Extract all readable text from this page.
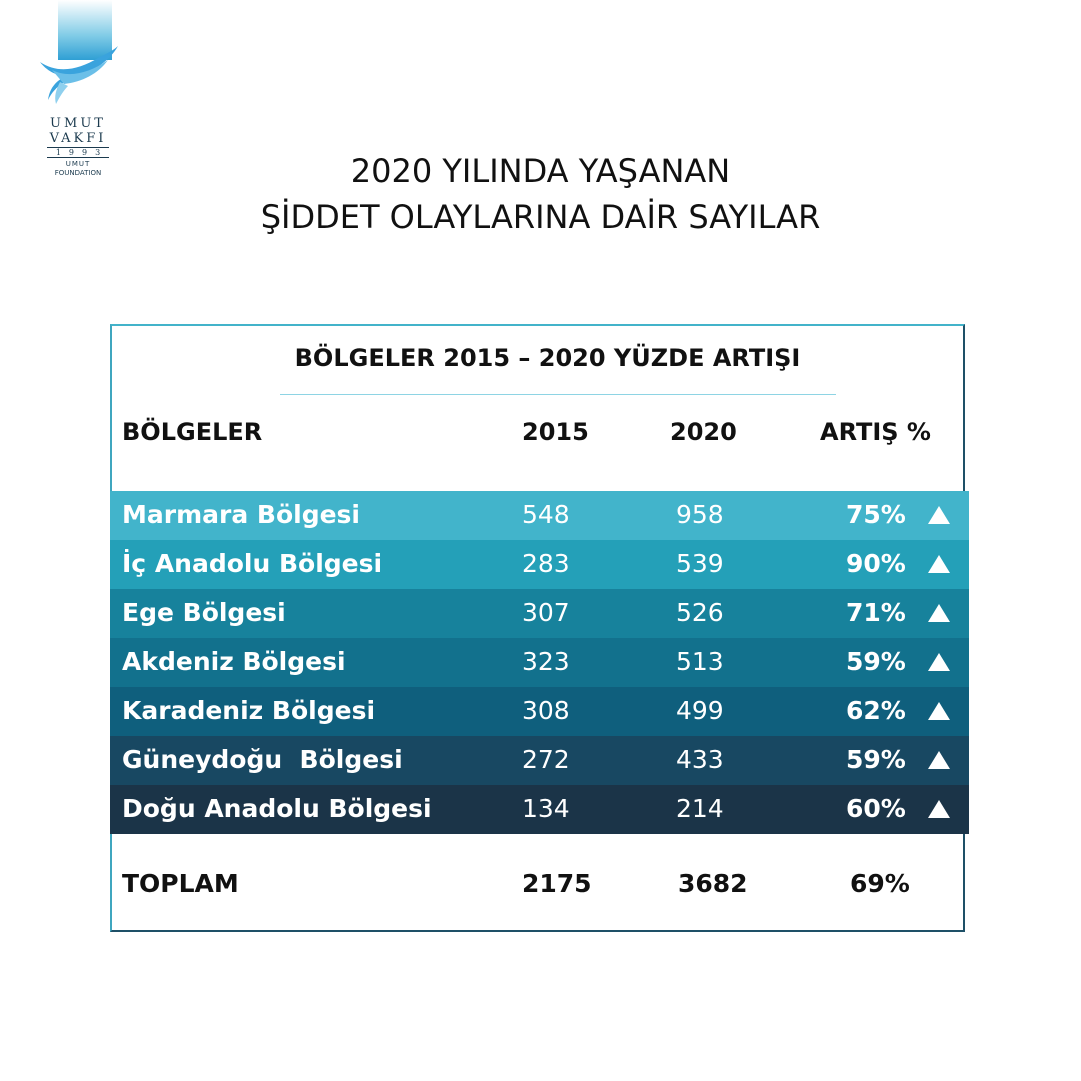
UMUT
VAKFI
1993
UMUT
FOUNDATION	2020 YILINDA YAŞANAN
ŞİDDET OLAYLARINA DAİR SAYILAR
BÖLGELER 2015 – 2020 YÜZDE ARTIŞI
BÖLGELER	2015	2020	ARTIŞ %
Marmara Bölgesi	548	958	75%
İç Anadolu Bölgesi	283	539	90%
Ege Bölgesi	307	526	71%
Akdeniz Bölgesi	323	513	59%
Karadeniz Bölgesi	308	499	62%
Güneydoğu  Bölgesi	272	433	59%
Doğu Anadolu Bölgesi	134	214	60%
TOPLAM	2175	3682	69%
